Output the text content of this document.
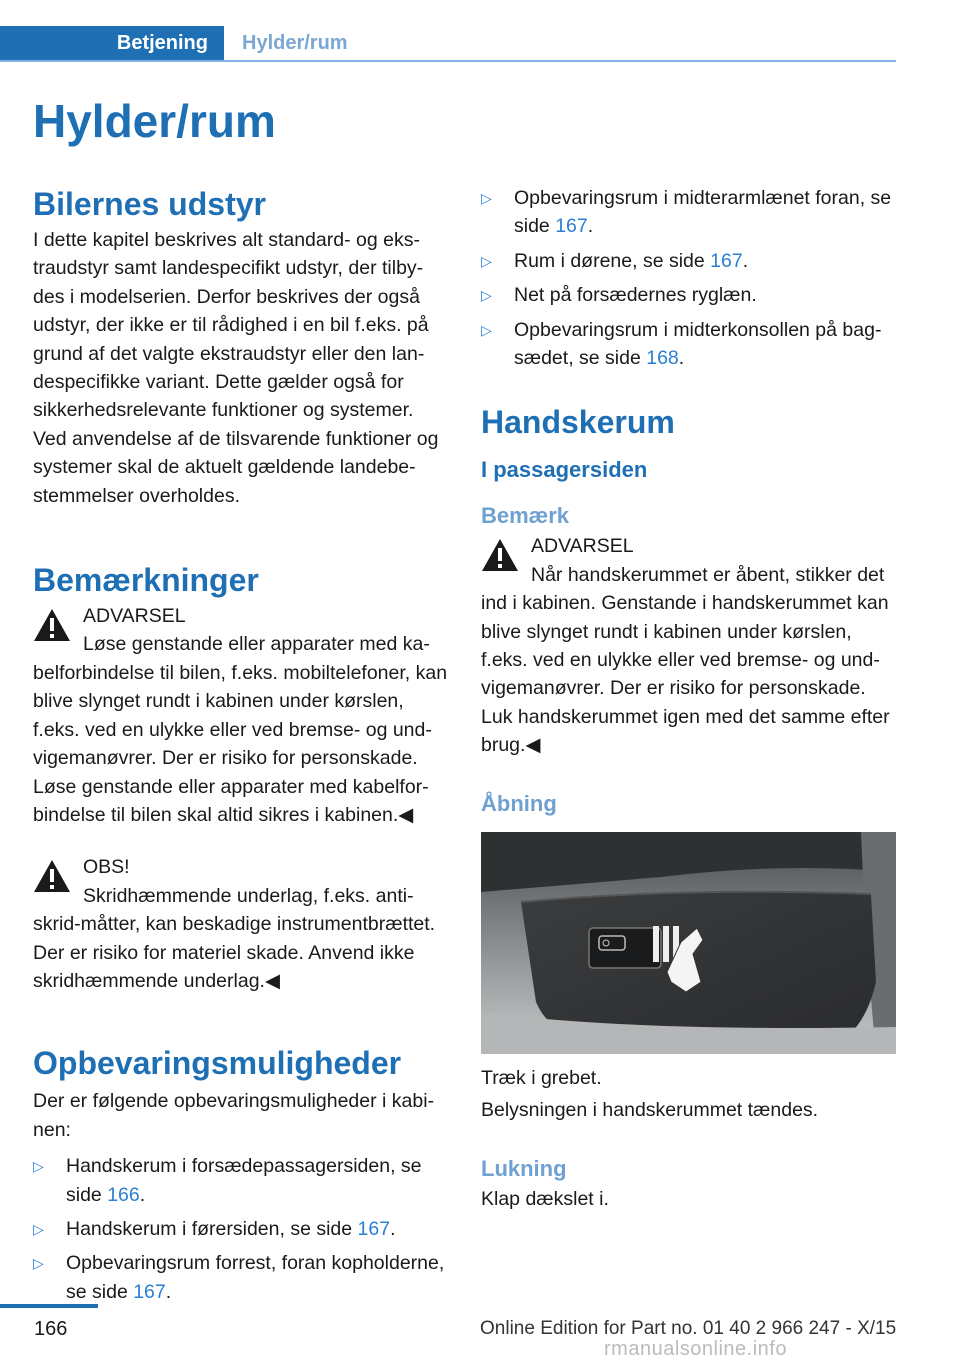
Betjening	Hylder/rum
Hylder/rum
Bilernes udstyr

I dette kapitel beskrives alt standard- og ekstraudstyr samt landespecifikt udstyr, der tilby des i modelserien. Derfor beskrives der også udstyr, der ikke er til rådighed i en bil f.eks. på grund af det valgte ekstraudstyr eller den lan despecifikke variant. Dette gælder også for sikkerhedsrelevante funktioner og systemer. Ved anvendelse af de tilsvarende funktioner og systemer skal de aktuelt gældende landebe stemmelser overholdes.

Bemærkninger
ADVARSEL

Løse genstande eller apparater med kabelforbindelse til bilen, f.eks. mobiltelefoner, kan blive slynget rundt i kabinen under kørslen, f.eks. ved en ulykke eller ved bremse- og undvigemanøvrer. Der er risiko for personskade. Løse genstande eller apparater med kabelforbindelse til bilen skal altid sikres i kabinen.◀

OBS!

Skridhæmmende underlag, f.eks. antiskrid-måtter, kan beskadige instrumentbrættet. Der er risiko for materiel skade. Anvend ikke skridhæmmende underlag.◀

Opbevaringsmuligheder

Der er følgende opbevaringsmuligheder i kabinen:

▷ Handskerum i forsædepassagersiden, se side 166.
▷ Handskerum i førersiden, se side 167.
▷ Opbevaringsrum forrest, foran kopholderne, se side 167.
▷ Opbevaringsrum i midterarmlænet foran, se side 167.
▷ Rum i dørene, se side 167.
▷ Net på forsædernes ryglæn.
▷ Opbevaringsrum i midterkonsollen på bagsædet, se side 168.
Handskerum
I passagersiden
Bemærk
ADVARSEL

Når handskerummet er åbent, stikker det ind i kabinen. Genstande i handskerummet kan blive slynget rundt i kabinen under kørslen, f.eks. ved en ulykke eller ved bremse- og undvigemanøvrer. Der er risiko for personskade. Luk handskerummet igen med det samme efter brug.◀

Åbning

Træk i grebet.

Belysningen i handskerummet tændes.

Lukning

Klap dækslet i.

166	Online Edition for Part no. 01 40 2 966 247 - X/15
rmanualsonline.info
